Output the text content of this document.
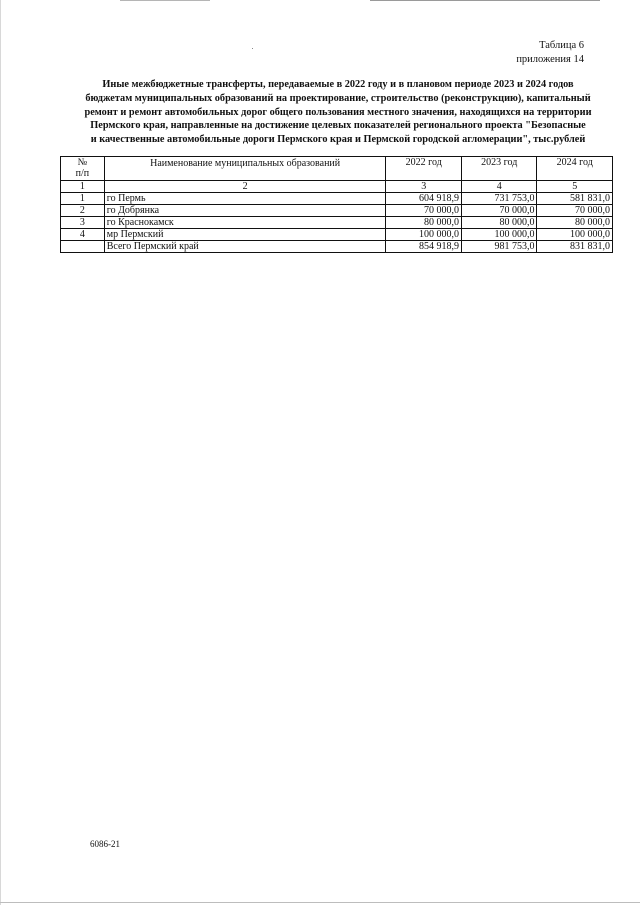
Таблица 6
приложения 14
Иные межбюджетные трансферты, передаваемые в 2022 году и в плановом периоде 2023 и 2024 годов
бюджетам муниципальных образований на проектирование, строительство (реконструкцию), капитальный
ремонт и ремонт автомобильных дорог общего пользования местного значения, находящихся на территории
Пермского края, направленные на достижение целевых показателей регионального проекта "Безопасные
и качественные автомобильные дороги Пермского края и Пермской городской агломерации", тыс.рублей
№
п/п	Наименование муниципальных образований	2022 год	2023 год	2024 год
1	2	3	4	5
1	го Пермь	604 918,9	731 753,0	581 831,0
2	го Добрянка	70 000,0	70 000,0	70 000,0
3	го Краснокамск	80 000,0	80 000,0	80 000,0
4	мр Пермский	100 000,0	100 000,0	100 000,0
	Всего Пермский край	854 918,9	981 753,0	831 831,0
6086-21
